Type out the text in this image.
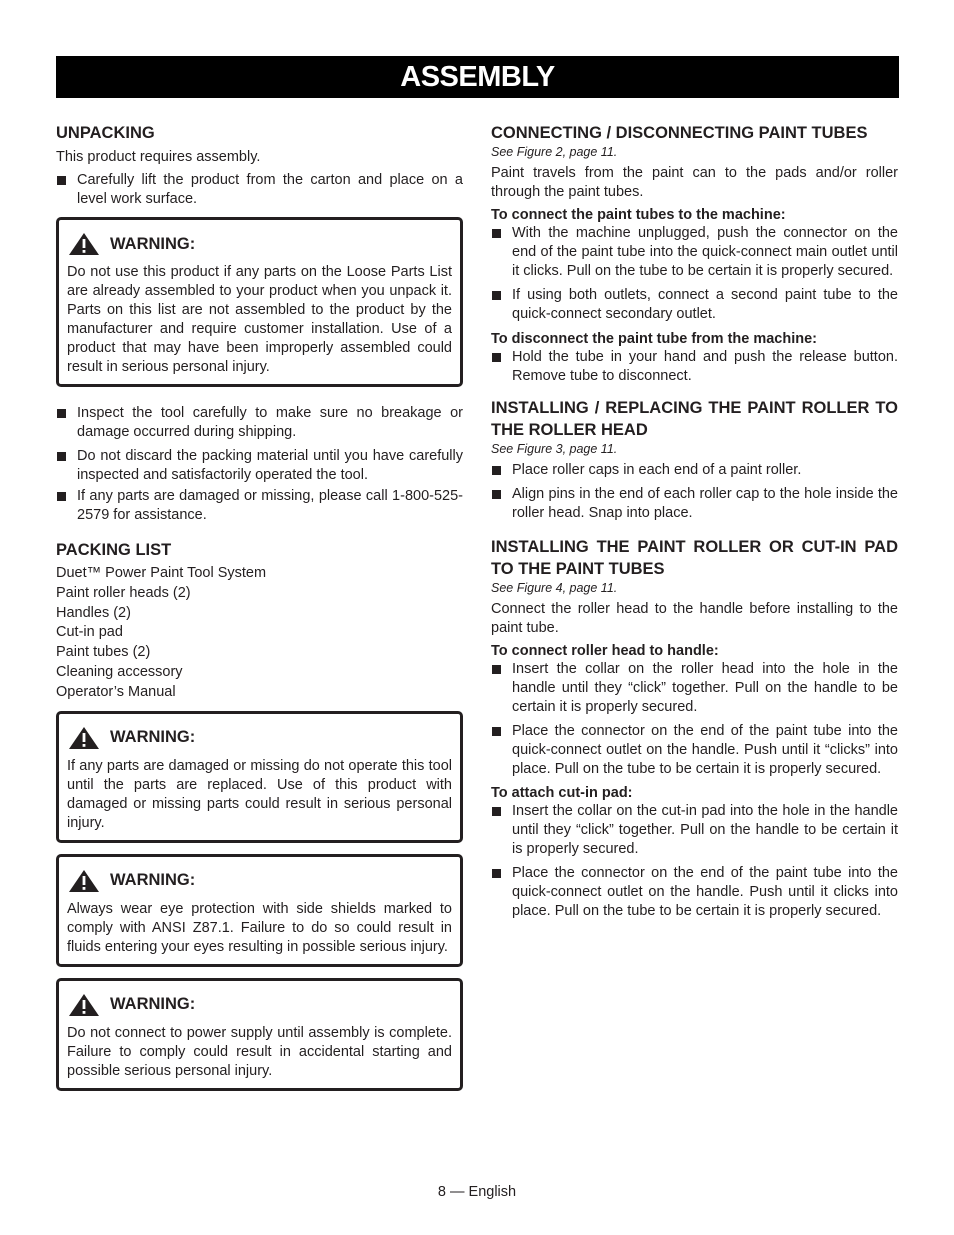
ASSEMBLY
UNPACKING

This product requires assembly.

Carefully lift the product from the carton and place on a level work surface.
WARNING:

Do not use this product if any parts on the Loose Parts List are already assembled to your product when you unpack it. Parts on this list are not assembled to the product by the manufacturer and require customer installation. Use of a product that may have been improperly assembled could result in serious personal injury.

Inspect the tool carefully to make sure no breakage or damage occurred during shipping.
Do not discard the packing material until you have carefully inspected and satisfactorily operated the tool.
If any parts are damaged or missing, please call 1-800-525-2579 for assistance.
PACKING LIST

Duet™ Power Paint Tool System

Paint roller heads (2)

Handles (2)

Cut-in pad

Paint tubes (2)

Cleaning accessory

Operator’s Manual

WARNING:

If any parts are damaged or missing do not operate this tool until the parts are replaced. Use of this product with damaged or missing parts could result in serious personal injury.

WARNING:

Always wear eye protection with side shields marked to comply with ANSI Z87.1. Failure to do so could result in fluids entering your eyes resulting in possible serious injury.

WARNING:

Do not connect to power supply until assembly is complete. Failure to comply could result in accidental starting and possible serious personal injury.

CONNECTING / DISCONNECTING PAINT TUBES

See Figure 2, page 11.

Paint travels from the paint can to the pads and/or roller through the paint tubes.

To connect the paint tubes to the machine:

With the machine unplugged, push the connector on the end of the paint tube into the quick-connect main outlet until it clicks. Pull on the tube to be certain it is properly secured.
If using both outlets, connect a second paint tube to the quick-connect secondary outlet.

To disconnect the paint tube from the machine:

Hold the tube in your hand and push the release button. Remove tube to disconnect.
INSTALLING / REPLACING THE PAINT ROLLER TO THE ROLLER HEAD

See Figure 3, page 11.

Place roller caps in each end of a paint roller.
Align pins in the end of each roller cap to the hole inside the roller head. Snap into place.
INSTALLING THE PAINT ROLLER OR CUT-IN PAD TO THE PAINT TUBES

See Figure 4, page 11.

Connect the roller head to the handle before installing to the paint tube.

To connect roller head to handle:

Insert the collar on the roller head into the hole in the handle until they “click” together. Pull on the handle to be certain it is properly secured.
Place the connector on the end of the paint tube into the quick-connect outlet on the handle. Push until it “clicks” into place. Pull on the tube to be certain it is properly secured.

To attach cut-in pad:

Insert the collar on the cut-in pad into the hole in the handle until they “click” together. Pull on the handle to be certain it is properly secured.
Place the connector on the end of the paint tube into the quick-connect outlet on the handle. Push until it clicks into place. Pull on the tube to be certain it is properly secured.
8 — English
